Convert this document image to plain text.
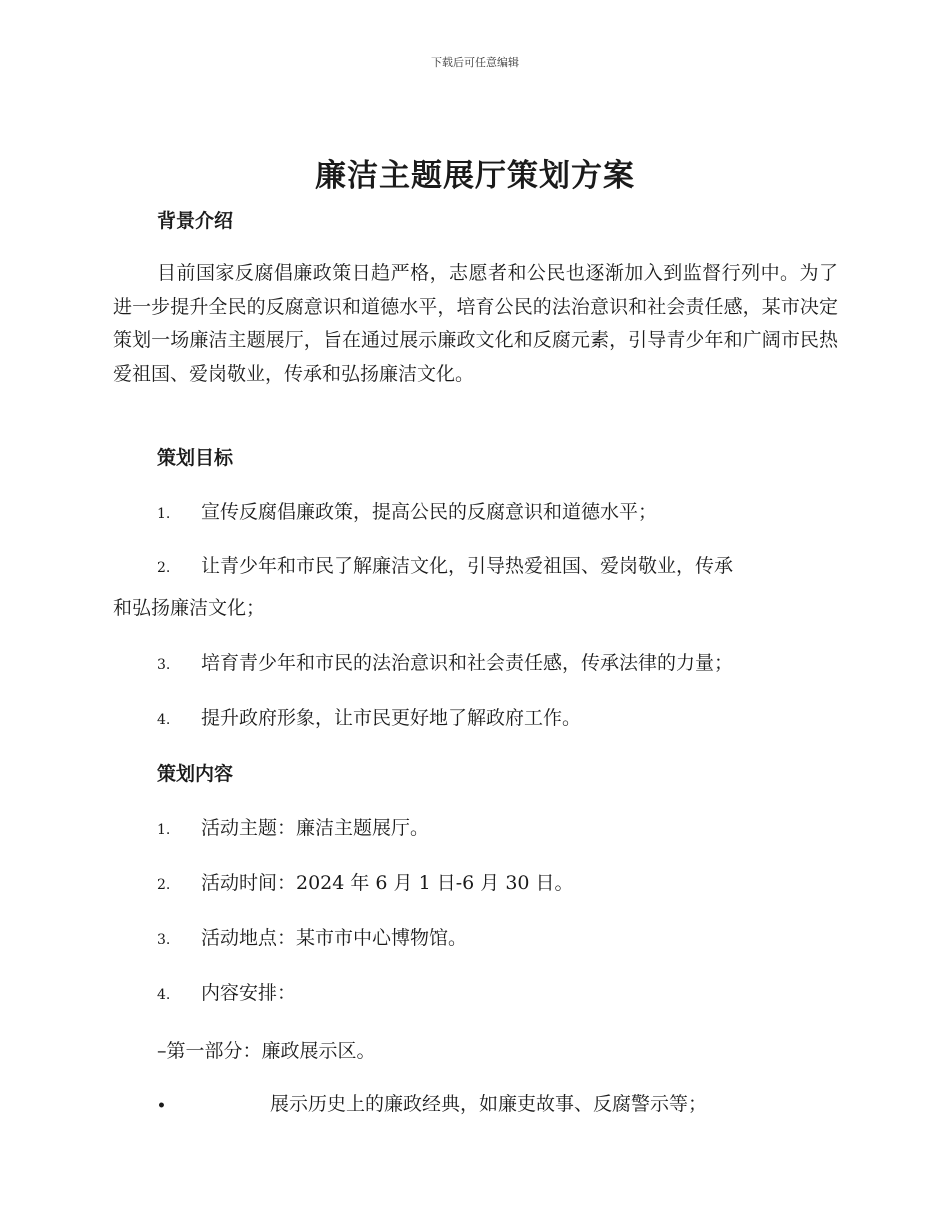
下载后可任意编辑
廉洁主题展厅策划方案
背景介绍
目前国家反腐倡廉政策日趋严格，志愿者和公民也逐渐加入到监督行列中。为了进一步提升全民的反腐意识和道德水平，培育公民的法治意识和社会责任感，某市决定策划一场廉洁主题展厅，旨在通过展示廉政文化和反腐元素，引导青少年和广阔市民热爱祖国、爱岗敬业，传承和弘扬廉洁文化。
策划目标
1. 宣传反腐倡廉政策，提高公民的反腐意识和道德水平；
2. 让青少年和市民了解廉洁文化，引导热爱祖国、爱岗敬业，传承
和弘扬廉洁文化；
3. 培育青少年和市民的法治意识和社会责任感，传承法律的力量；
4. 提升政府形象，让市民更好地了解政府工作。
策划内容
1. 活动主题：廉洁主题展厅。
2. 活动时间：2024 年 6 月 1 日-6 月 30 日。
3. 活动地点：某市市中心博物馆。
4. 内容安排：
–第一部分：廉政展示区。
•	展示历史上的廉政经典，如廉吏故事、反腐警示等；
